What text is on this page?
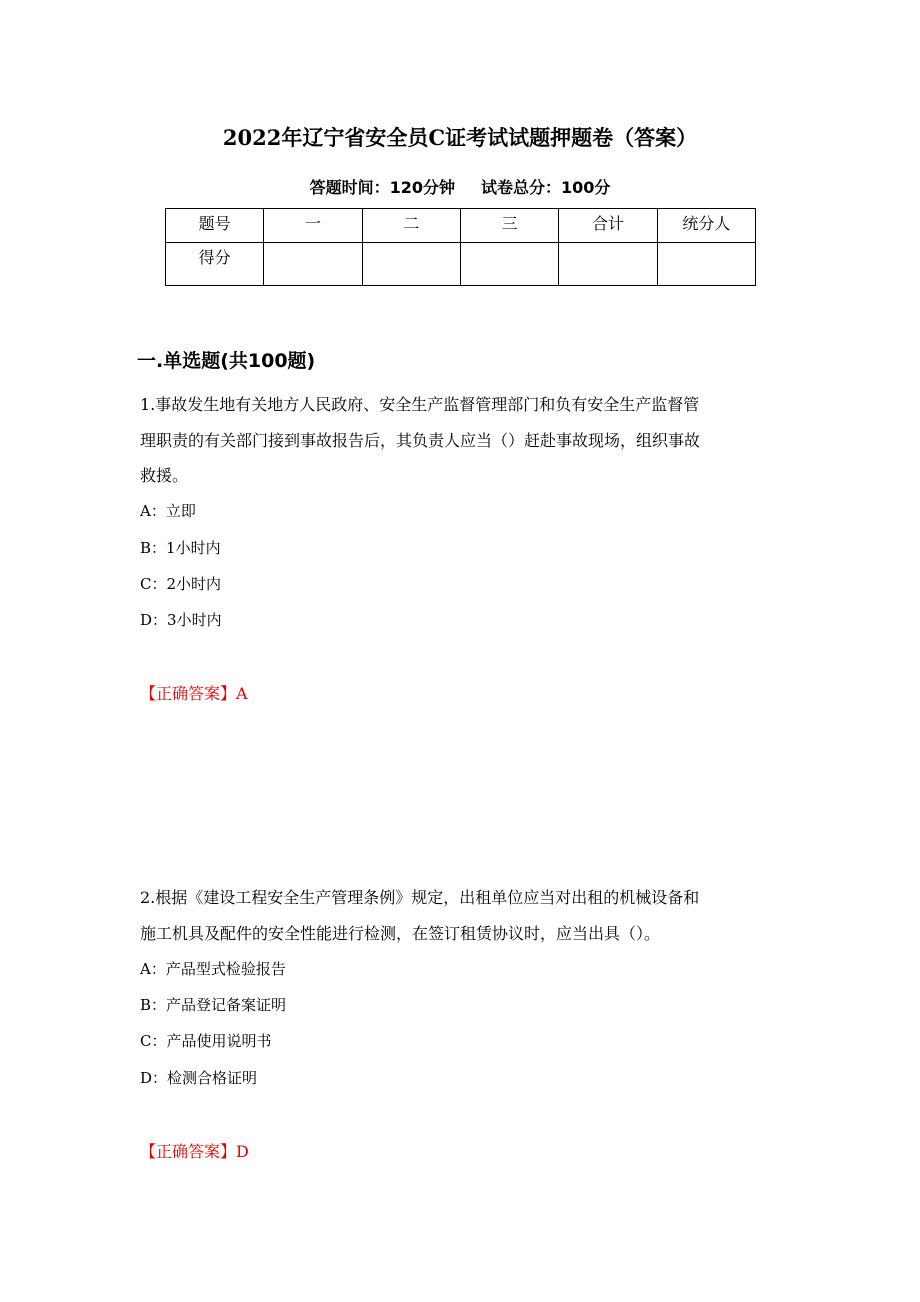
2022年辽宁省安全员C证考试试题押题卷（答案）
答题时间：120分钟 试卷总分：100分
题号	一	二	三	合计	统分人
得分					
一.单选题(共100题)
1.事故发生地有关地方人民政府、安全生产监督管理部门和负有安全生产监督管
理职责的有关部门接到事故报告后，其负责人应当（）赶赴事故现场，组织事故
救援。
A：立即
B：1小时内
C：2小时内
D：3小时内
【正确答案】A
2.根据《建设工程安全生产管理条例》规定，出租单位应当对出租的机械设备和
施工机具及配件的安全性能进行检测，在签订租赁协议时，应当出具（）。
A：产品型式检验报告
B：产品登记备案证明
C：产品使用说明书
D：检测合格证明
【正确答案】D
